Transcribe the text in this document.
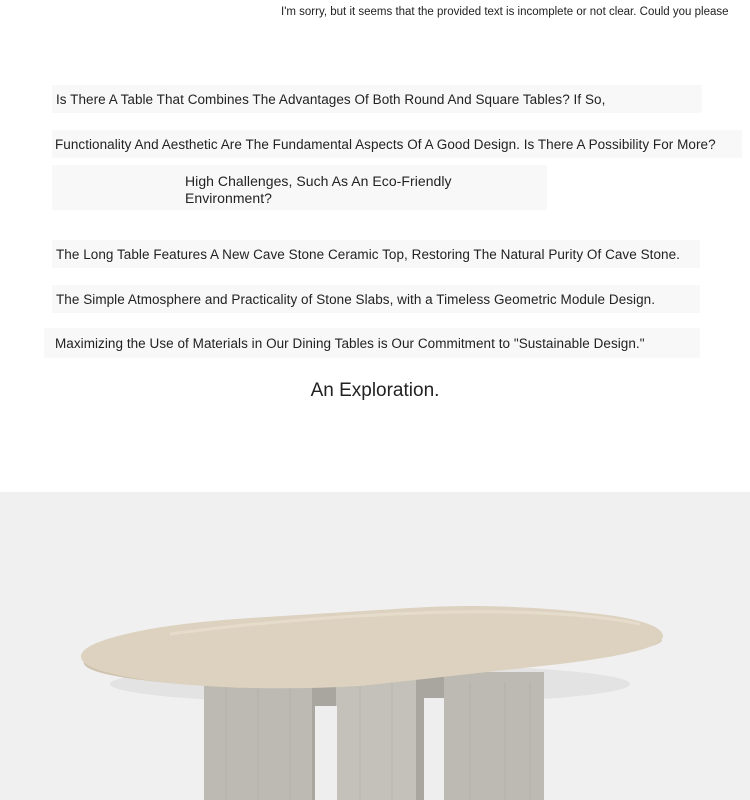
I'm sorry, but it seems that the provided text is incomplete or not clear. Could you please
Is There A Table That Combines The Advantages Of Both Round And Square Tables? If So,
Functionality And Aesthetic Are The Fundamental Aspects Of A Good Design. Is There A Possibility For More?
High Challenges, Such As An Eco-Friendly
Environment?
The Long Table Features A New Cave Stone Ceramic Top, Restoring The Natural Purity Of Cave Stone.
The Simple Atmosphere and Practicality of Stone Slabs, with a Timeless Geometric Module Design.
Maximizing the Use of Materials in Our Dining Tables is Our Commitment to "Sustainable Design."
An Exploration.
